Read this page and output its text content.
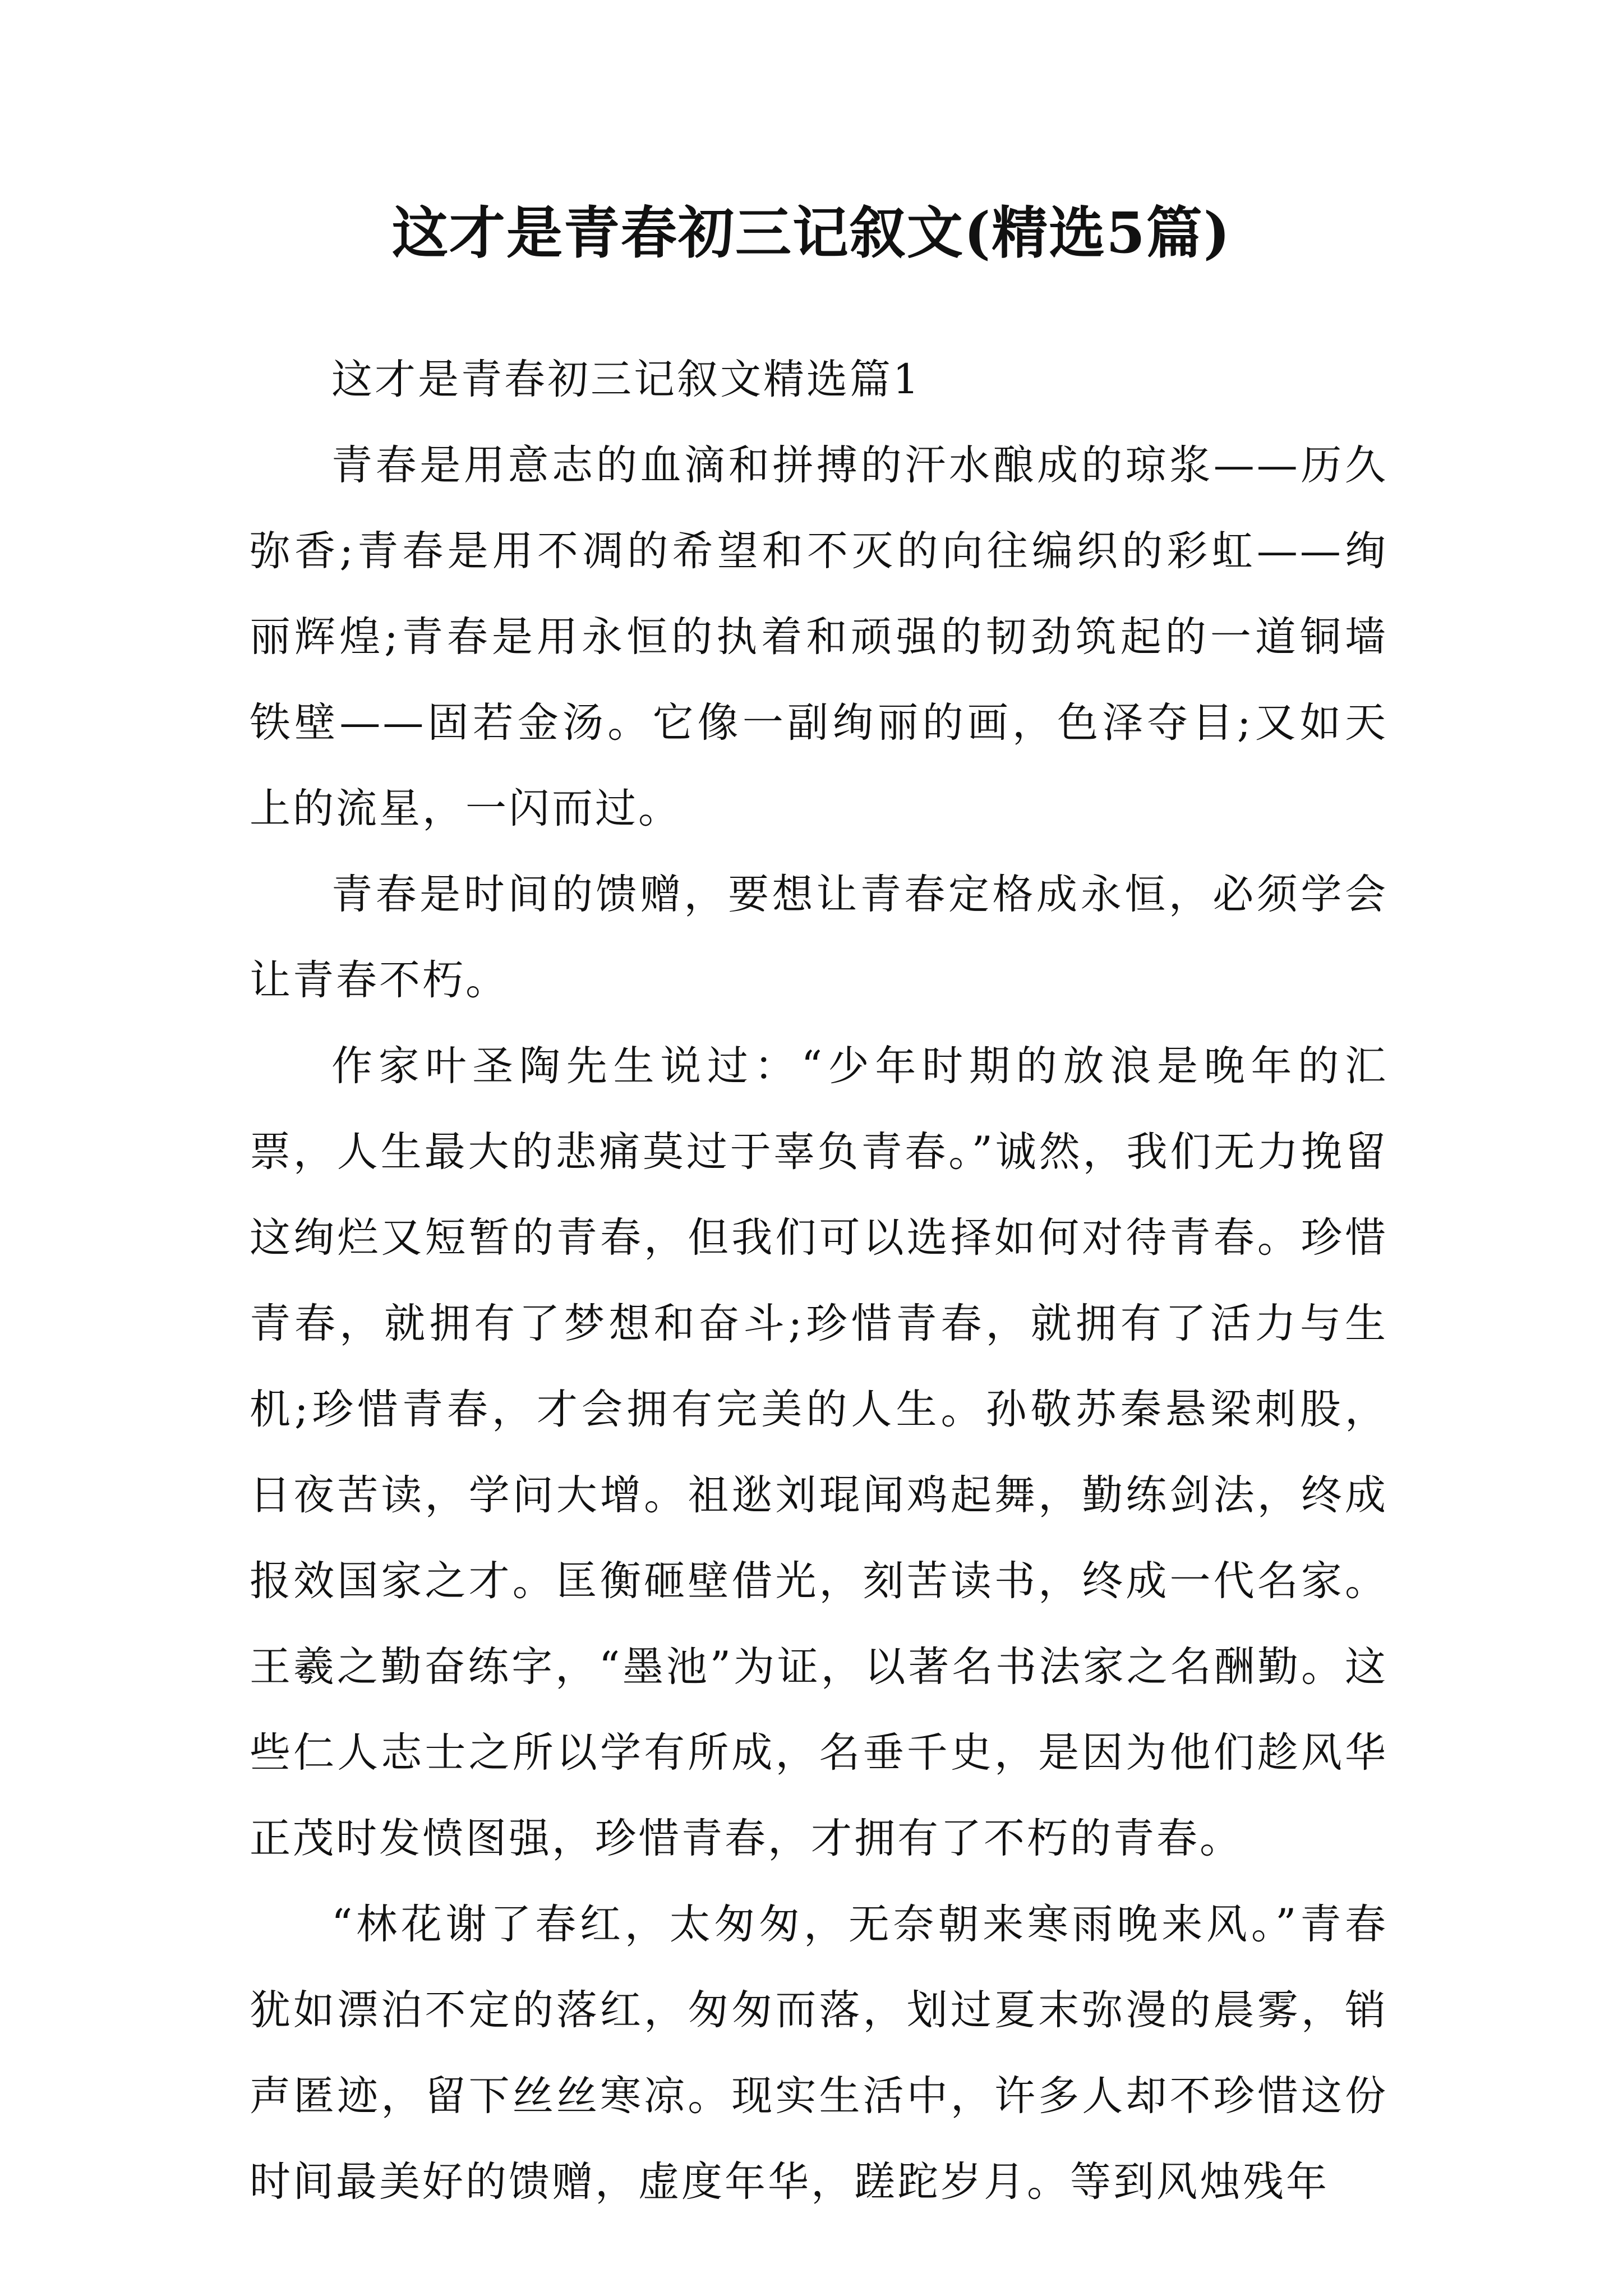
这才是青春初三记叙文(精选5篇)

这才是青春初三记叙文精选篇1

青春是用意志的血滴和拼搏的汗水酿成的琼浆——历久弥香;青春是用不凋的希望和不灭的向往编织的彩虹——绚丽辉煌;青春是用永恒的执着和顽强的韧劲筑起的一道铜墙铁壁——固若金汤。它像一副绚丽的画，色泽夺目;又如天上的流星，一闪而过。

青春是时间的馈赠，要想让青春定格成永恒，必须学会让青春不朽。

作家叶圣陶先生说过：“少年时期的放浪是晚年的汇票，人生最大的悲痛莫过于辜负青春。”诚然，我们无力挽留这绚烂又短暂的青春，但我们可以选择如何对待青春。珍惜青春，就拥有了梦想和奋斗;珍惜青春，就拥有了活力与生机;珍惜青春，才会拥有完美的人生。孙敬苏秦悬梁刺股，日夜苦读，学问大增。祖逖刘琨闻鸡起舞，勤练剑法，终成报效国家之才。匡衡砸壁借光，刻苦读书，终成一代名家。王羲之勤奋练字，“墨池”为证，以著名书法家之名酬勤。这些仁人志士之所以学有所成，名垂千史，是因为他们趁风华正茂时发愤图强，珍惜青春，才拥有了不朽的青春。

“林花谢了春红，太匆匆，无奈朝来寒雨晚来风。”青春犹如漂泊不定的落红，匆匆而落，划过夏末弥漫的晨雾，销声匿迹，留下丝丝寒凉。现实生活中，许多人却不珍惜这份时间最美好的馈赠，虚度年华，蹉跎岁月。等到风烛残年
